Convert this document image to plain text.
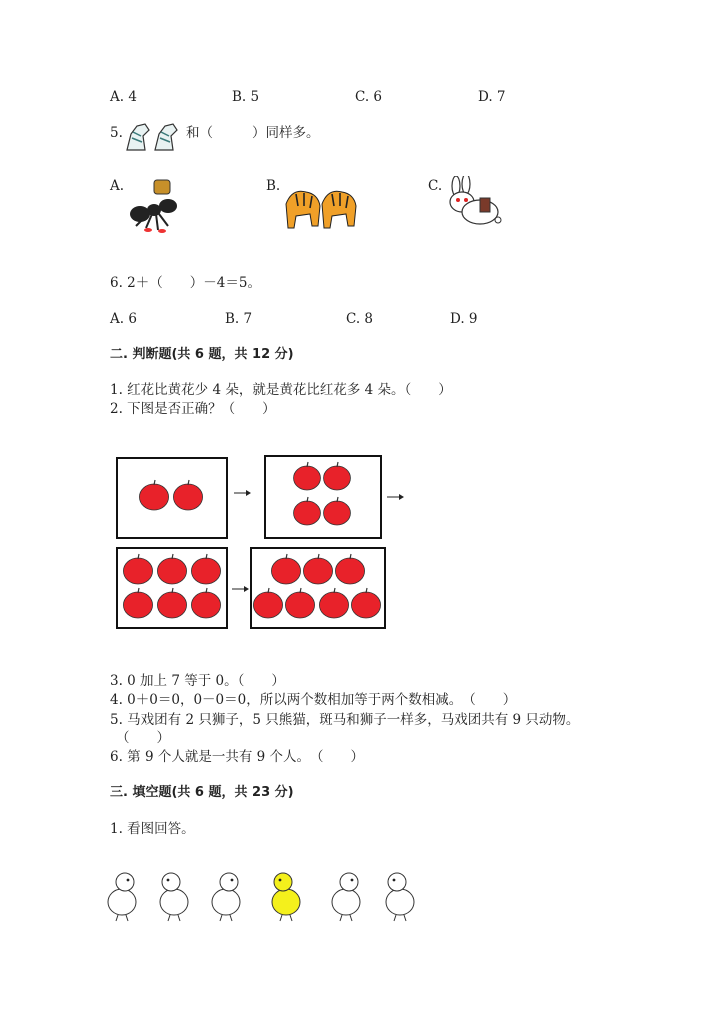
A. 4	B. 5	C. 6	D. 7
5.	和（	）同样多。
A.	B.	C.
6. 2＋（　　）－4＝5。
A. 6	B. 7	C. 8	D. 9
二. 判断题(共 6 题，共 12 分)
1. 红花比黄花少 4 朵，就是黄花比红花多 4 朵。（　　）
2. 下图是否正确？（　　）
3. 0 加上 7 等于 0。（　　）
4. 0＋0＝0，0－0＝0，所以两个数相加等于两个数相减。　（　　）
5. 马戏团有 2 只狮子，5 只熊猫，斑马和狮子一样多，马戏团共有 9 只动物。
（　　）
6. 第 9 个人就是一共有 9 个人。　（　　）
三. 填空题(共 6 题，共 23 分)
1. 看图回答。
